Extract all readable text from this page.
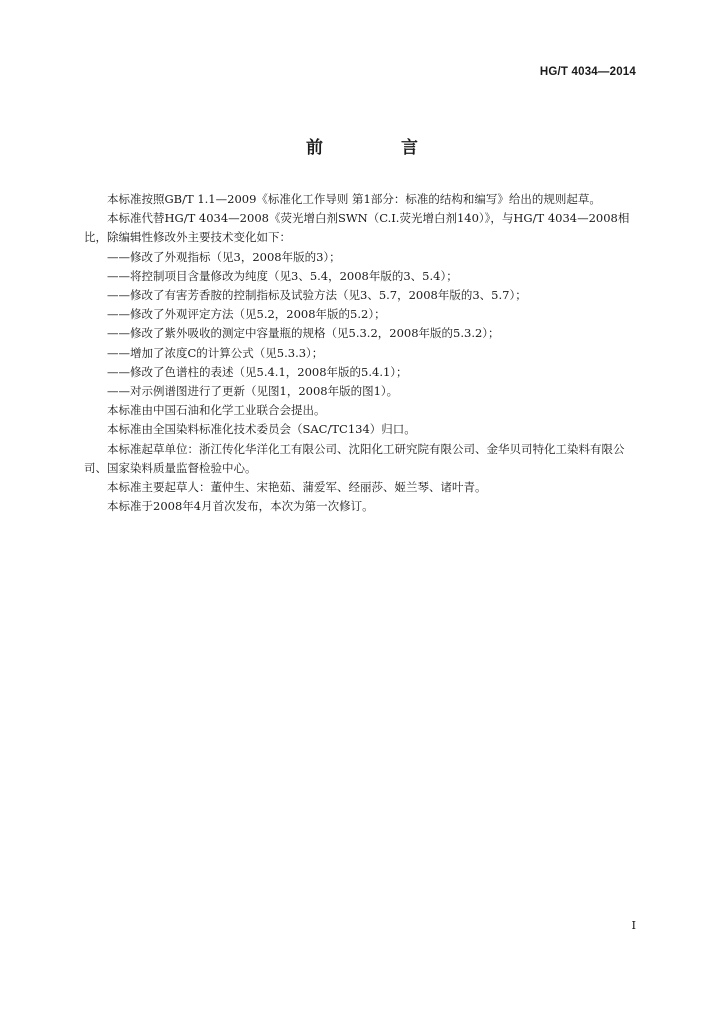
HG/T 4034—2014
前 言

本标准按照GB/T 1.1—2009《标准化工作导则 第1部分：标准的结构和编写》给出的规则起草。

本标准代替HG/T 4034—2008《荧光增白剂SWN（C.I.荧光增白剂140）》，与HG/T 4034—2008相比，除编辑性修改外主要技术变化如下：

——修改了外观指标（见3，2008年版的3）；

——将控制项目含量修改为纯度（见3、5.4，2008年版的3、5.4）；

——修改了有害芳香胺的控制指标及试验方法（见3、5.7，2008年版的3、5.7）；

——修改了外观评定方法（见5.2，2008年版的5.2）；

——修改了紫外吸收的测定中容量瓶的规格（见5.3.2，2008年版的5.3.2）；

——增加了浓度C的计算公式（见5.3.3）；

——修改了色谱柱的表述（见5.4.1，2008年版的5.4.1）；

——对示例谱图进行了更新（见图1，2008年版的图1）。

本标准由中国石油和化学工业联合会提出。

本标准由全国染料标准化技术委员会（SAC/TC134）归口。

本标准起草单位：浙江传化华洋化工有限公司、沈阳化工研究院有限公司、金华贝司特化工染料有限公司、国家染料质量监督检验中心。

本标准主要起草人：董仲生、宋艳茹、蒲爱军、经丽莎、姬兰琴、诸叶青。

本标准于2008年4月首次发布，本次为第一次修订。

I
